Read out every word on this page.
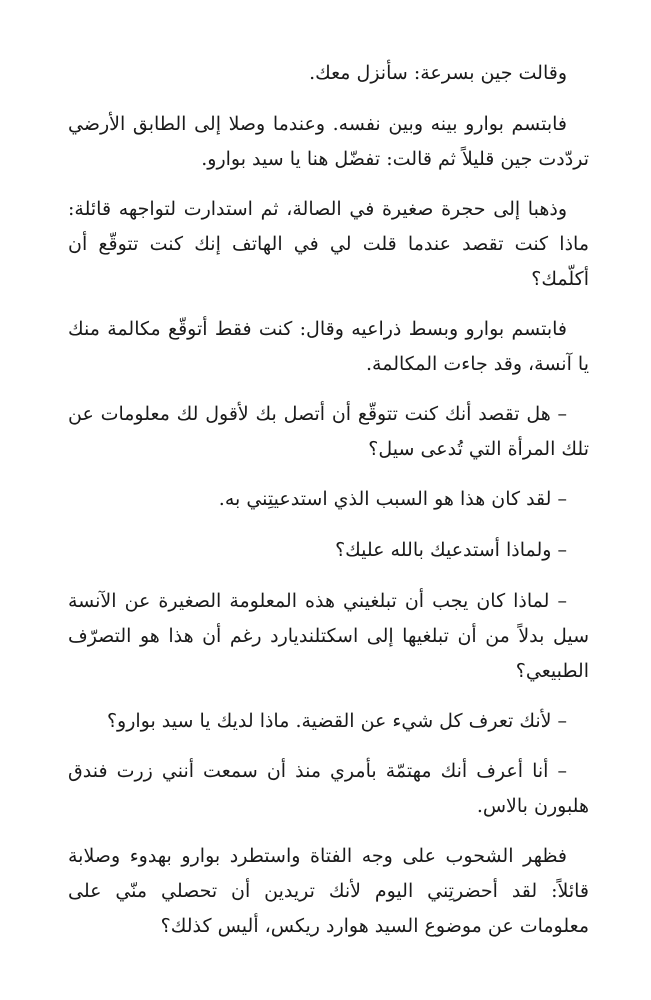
وقالت جين بسرعة: سأنزل معك.

فابتسم بوارو بينه وبين نفسه. وعندما وصلا إلى الطابق الأرضي تردّدت جين قليلاً ثم قالت: تفضّل هنا يا سيد بوارو.

وذهبا إلى حجرة صغيرة في الصالة، ثم استدارت لتواجهه قائلة: ماذا كنت تقصد عندما قلت لي في الهاتف إنك كنت تتوقّع أن أكلّمك؟

فابتسم بوارو وبسط ذراعيه وقال: كنت فقط أتوقّع مكالمة منك يا آنسة، وقد جاءت المكالمة.

– هل تقصد أنك كنت تتوقّع أن أتصل بك لأقول لك معلومات عن تلك المرأة التي تُدعى سيل؟

– لقد كان هذا هو السبب الذي استدعيتِني به.

– ولماذا أستدعيك بالله عليك؟

– لماذا كان يجب أن تبلغيني هذه المعلومة الصغيرة عن الآنسة سيل بدلاً من أن تبلغيها إلى اسكتلنديارد رغم أن هذا هو التصرّف الطبيعي؟

– لأنك تعرف كل شيء عن القضية. ماذا لديك يا سيد بوارو؟

– أنا أعرف أنك مهتمّة بأمري منذ أن سمعت أنني زرت فندق هلبورن بالاس.

فظهر الشحوب على وجه الفتاة واستطرد بوارو بهدوء وصلابة قائلاً: لقد أحضرتِني اليوم لأنك تريدين أن تحصلي منّي على معلومات عن موضوع السيد هوارد ريكس، أليس كذلك؟
